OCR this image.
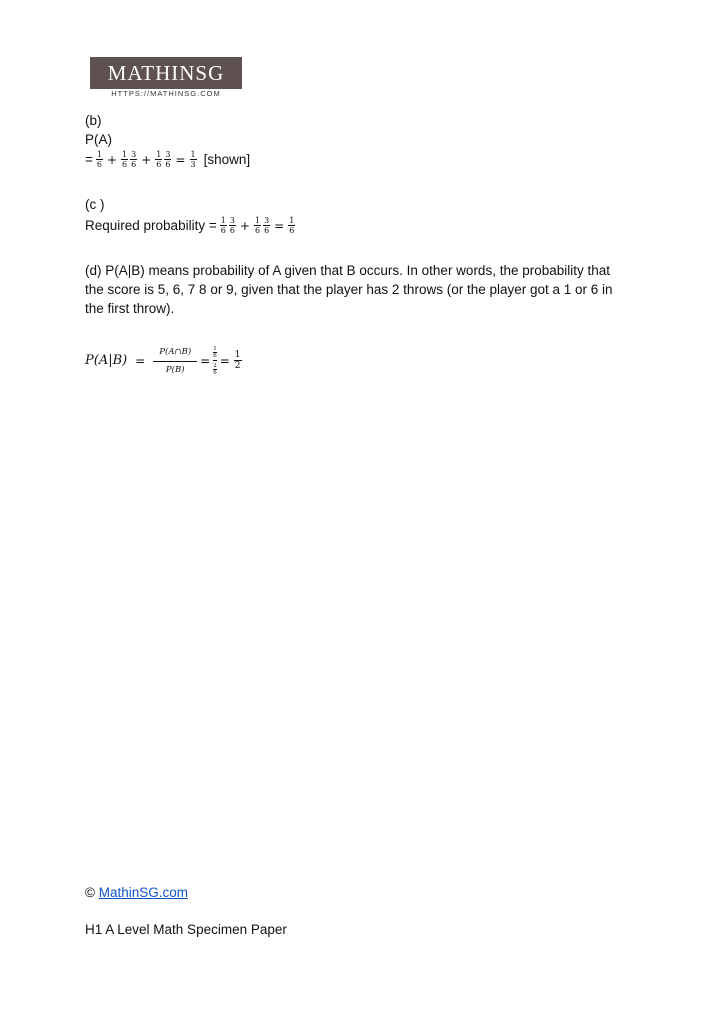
MATHINSG
HTTPS://MATHINSG.COM
(b)
P(A)
= $\frac{1}{6} + \frac{1}{6} \frac{3}{6} + \frac{1}{6} \frac{3}{6} = \frac{1}{3}$ [shown]
(c )
Required probability = $\frac{1}{6} \frac{3}{6} + \frac{1}{6} \frac{3}{6} = \frac{1}{6}$
(d) P(A|B) means probability of A given that B occurs. In other words, the probability that the score is 5, 6, 7 8 or 9, given that the player has 2 throws (or the player got a 1 or 6 in the first throw).
$P(A|B) = \frac{P(A\cap B)}{P(B)} = \frac{\frac{1}{6}}{\frac{2}{6}} = \frac{1}{2}$
© MathinSG.com
H1 A Level Math Specimen Paper
